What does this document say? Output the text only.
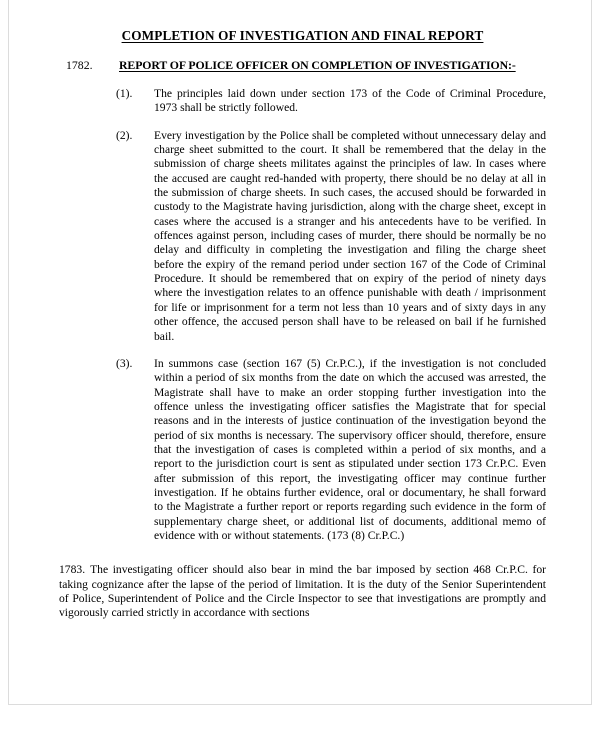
COMPLETION OF INVESTIGATION AND FINAL REPORT
1782. REPORT OF POLICE OFFICER ON COMPLETION OF INVESTIGATION:-
(1). The principles laid down under section 173 of the Code of Criminal Procedure, 1973 shall be strictly followed.
(2). Every investigation by the Police shall be completed without unnecessary delay and charge sheet submitted to the court. It shall be remembered that the delay in the submission of charge sheets militates against the principles of law. In cases where the accused are caught red-handed with property, there should be no delay at all in the submission of charge sheets. In such cases, the accused should be forwarded in custody to the Magistrate having jurisdiction, along with the charge sheet, except in cases where the accused is a stranger and his antecedents have to be verified. In offences against person, including cases of murder, there should be normally be no delay and difficulty in completing the investigation and filing the charge sheet before the expiry of the remand period under section 167 of the Code of Criminal Procedure. It should be remembered that on expiry of the period of ninety days where the investigation relates to an offence punishable with death / imprisonment for life or imprisonment for a term not less than 10 years and of sixty days in any other offence, the accused person shall have to be released on bail if he furnished bail.
(3). In summons case (section 167 (5) Cr.P.C.), if the investigation is not concluded within a period of six months from the date on which the accused was arrested, the Magistrate shall have to make an order stopping further investigation into the offence unless the investigating officer satisfies the Magistrate that for special reasons and in the interests of justice continuation of the investigation beyond the period of six months is necessary. The supervisory officer should, therefore, ensure that the investigation of cases is completed within a period of six months, and a report to the jurisdiction court is sent as stipulated under section 173 Cr.P.C. Even after submission of this report, the investigating officer may continue further investigation. If he obtains further evidence, oral or documentary, he shall forward to the Magistrate a further report or reports regarding such evidence in the form of supplementary charge sheet, or additional list of documents, additional memo of evidence with or without statements. (173 (8) Cr.P.C.)

1783. The investigating officer should also bear in mind the bar imposed by section 468 Cr.P.C. for taking cognizance after the lapse of the period of limitation. It is the duty of the Senior Superintendent of Police, Superintendent of Police and the Circle Inspector to see that investigations are promptly and vigorously carried strictly in accordance with sections
